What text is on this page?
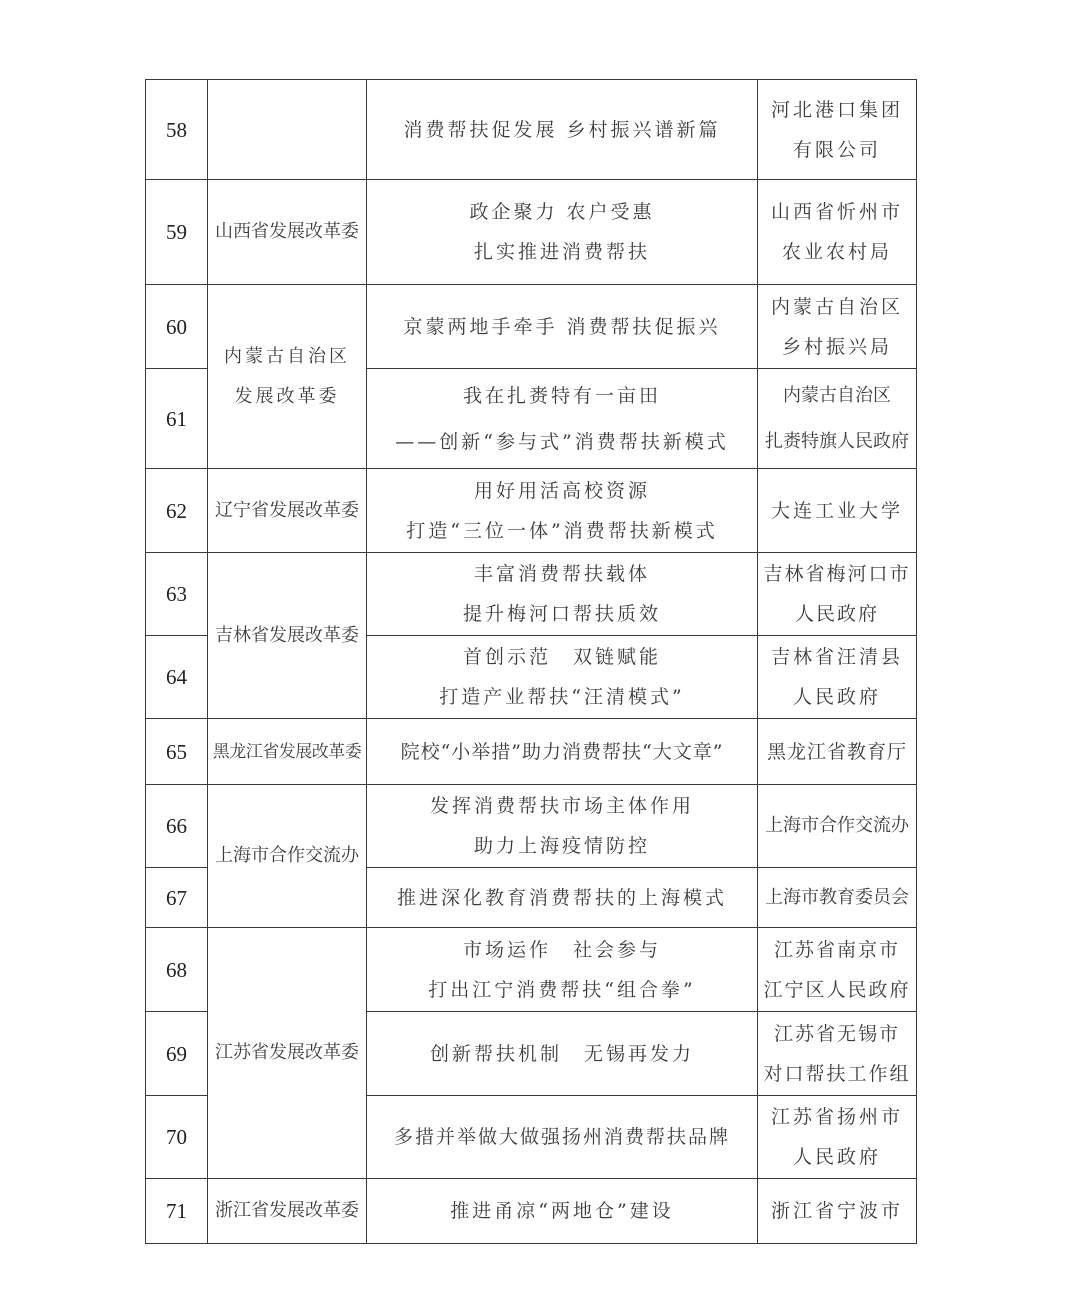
58		消费帮扶促发展 乡村振兴谱新篇	河北港口集团
有限公司

59	山西省发展改革委	政企聚力 农户受惠
扎实推进消费帮扶	山西省忻州市
农业农村局

60	内蒙古自治区
发展改革委	京蒙两地手牵手 消费帮扶促振兴	内蒙古自治区
乡村振兴局

61		我在扎赉特有一亩田
——创新“参与式”消费帮扶新模式	内蒙古自治区
扎赉特旗人民政府

62	辽宁省发展改革委	用好用活高校资源
打造“三位一体”消费帮扶新模式	大连工业大学

63	吉林省发展改革委	丰富消费帮扶载体
提升梅河口帮扶质效	吉林省梅河口市
人民政府

64		首创示范　双链赋能
打造产业帮扶“汪清模式”	吉林省汪清县
人民政府

65	黑龙江省发展改革委	院校“小举措”助力消费帮扶“大文章”	黑龙江省教育厅

66	上海市合作交流办	发挥消费帮扶市场主体作用
助力上海疫情防控	上海市合作交流办

67		推进深化教育消费帮扶的上海模式	上海市教育委员会

68	江苏省发展改革委	市场运作　社会参与
打出江宁消费帮扶“组合拳”	江苏省南京市
江宁区人民政府

69		创新帮扶机制　无锡再发力	江苏省无锡市
对口帮扶工作组

70		多措并举做大做强扬州消费帮扶品牌	江苏省扬州市
人民政府

71	浙江省发展改革委	推进甬凉“两地仓”建设	浙江省宁波市
